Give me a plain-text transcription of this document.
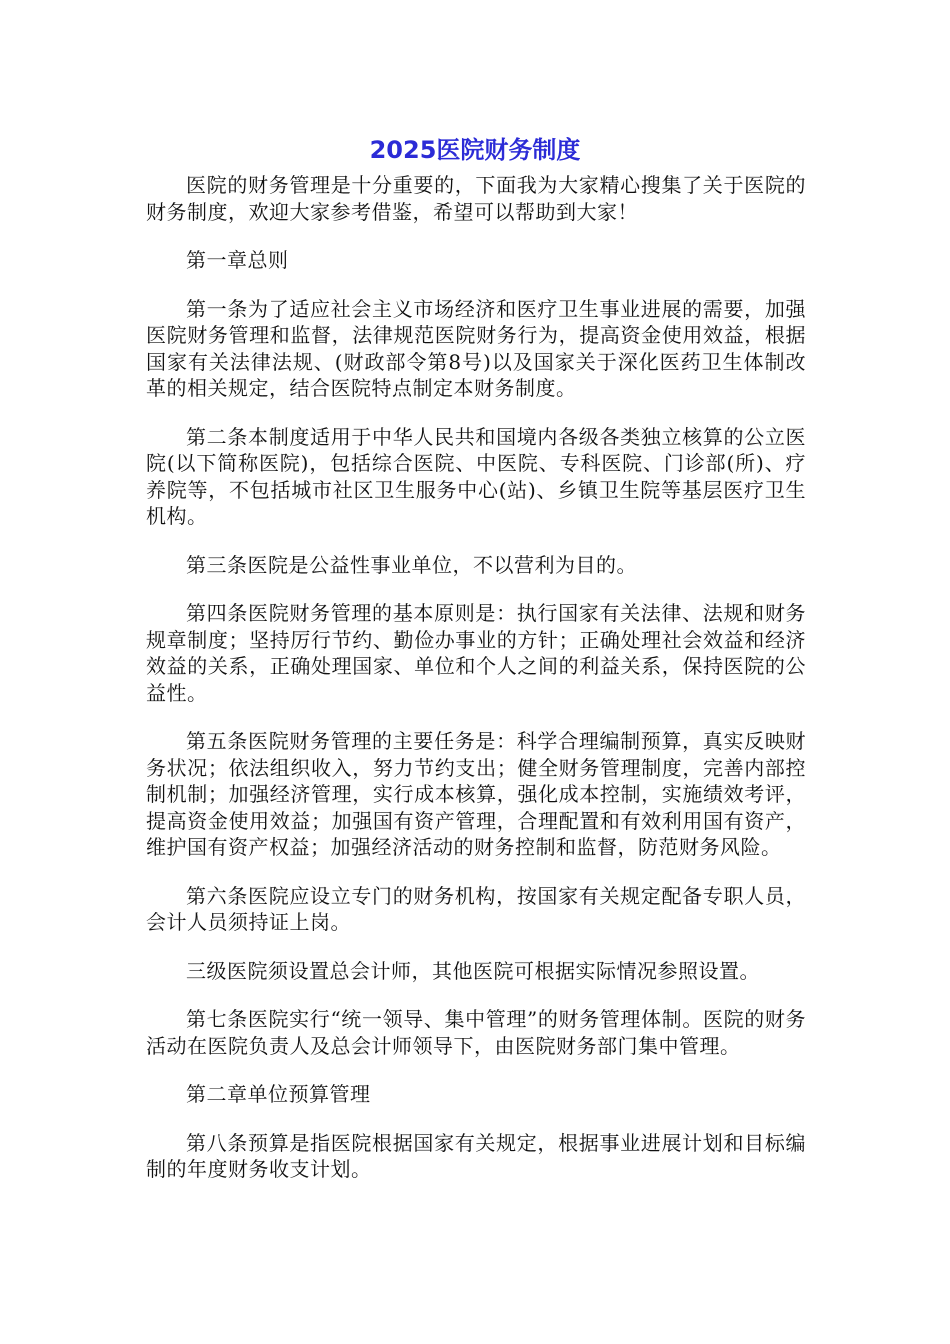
2025医院财务制度

医院的财务管理是十分重要的，下面我为大家精心搜集了关于医院的财务制度，欢迎大家参考借鉴，希望可以帮助到大家！

第一章总则

第一条为了适应社会主义市场经济和医疗卫生事业进展的需要，加强医院财务管理和监督，法律规范医院财务行为，提高资金使用效益，根据国家有关法律法规、(财政部令第8号)以及国家关于深化医药卫生体制改革的相关规定，结合医院特点制定本财务制度。

第二条本制度适用于中华人民共和国境内各级各类独立核算的公立医院(以下简称医院)，包括综合医院、中医院、专科医院、门诊部(所)、疗养院等，不包括城市社区卫生服务中心(站)、乡镇卫生院等基层医疗卫生机构。

第三条医院是公益性事业单位，不以营利为目的。

第四条医院财务管理的基本原则是：执行国家有关法律、法规和财务规章制度；坚持厉行节约、勤俭办事业的方针；正确处理社会效益和经济效益的关系，正确处理国家、单位和个人之间的利益关系，保持医院的公益性。

第五条医院财务管理的主要任务是：科学合理编制预算，真实反映财务状况；依法组织收入，努力节约支出；健全财务管理制度，完善内部控制机制；加强经济管理，实行成本核算，强化成本控制，实施绩效考评，提高资金使用效益；加强国有资产管理，合理配置和有效利用国有资产，维护国有资产权益；加强经济活动的财务控制和监督，防范财务风险。

第六条医院应设立专门的财务机构，按国家有关规定配备专职人员，会计人员须持证上岗。

三级医院须设置总会计师，其他医院可根据实际情况参照设置。

第七条医院实行“统一领导、集中管理”的财务管理体制。医院的财务活动在医院负责人及总会计师领导下，由医院财务部门集中管理。

第二章单位预算管理

第八条预算是指医院根据国家有关规定，根据事业进展计划和目标编制的年度财务收支计划。
